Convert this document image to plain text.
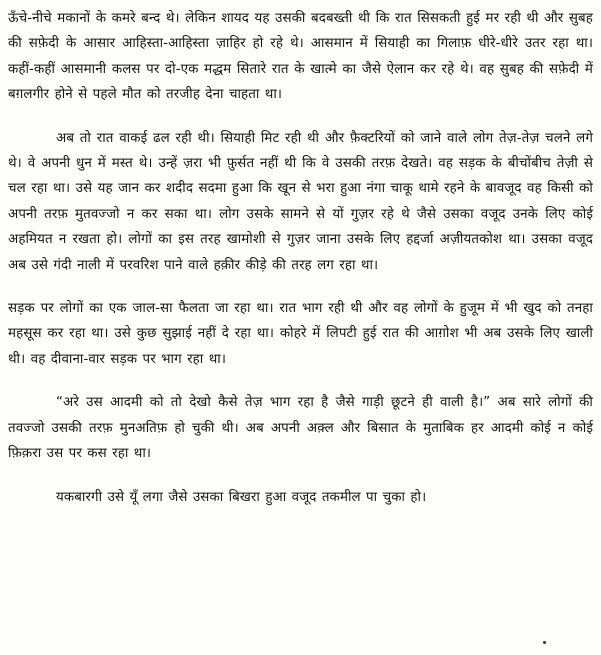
ऊँचे-नीचे मकानों के कमरे बन्द थे। लेकिन शायद यह उसकी बदबख्ती थी कि रात सिसकती हुई मर रही थी और सुबह की सफ़ेदी के आसार आहिस्ता-आहिस्ता ज़ाहिर हो रहे थे। आसमान में सियाही का गिलाफ़ धीरे-धीरे उतर रहा था। कहीं-कहीं आसमानी कलस पर दो-एक मद्धम सितारे रात के खात्मे का जैसे ऐलान कर रहे थे। वह सुबह की सफ़ेदी में बग़लगीर होने से पहले मौत को तरजीह देना चाहता था।

अब तो रात वाकई ढल रही थी। सियाही मिट रही थी और फ़ैक्टरियों को जाने वाले लोग तेज़-तेज़ चलने लगे थे। वे अपनी धुन में मस्त थे। उन्हें ज़रा भी फ़ुर्सत नहीं थी कि वे उसकी तरफ़ देखते। वह सड़क के बीचोंबीच तेज़ी से चल रहा था। उसे यह जान कर शदीद सदमा हुआ कि खून से भरा हुआ नंगा चाकू थामे रहने के बावजूद वह किसी को अपनी तरफ़ मुतवज्जो न कर सका था। लोग उसके सामने से यों गुज़र रहे थे जैसे उसका वजूद उनके लिए कोई अहमियत न रखता हो। लोगों का इस तरह खामोशी से गुज़र जाना उसके लिए हद्दर्जा अज़ीयतकोश था। उसका वजूद अब उसे गंदी नाली में परवरिश पाने वाले हक़ीर कीड़े की तरह लग रहा था।

सड़क पर लोगों का एक जाल-सा फैलता जा रहा था। रात भाग रही थी और वह लोगों के हुजूम में भी खुद को तनहा महसूस कर रहा था। उसे कुछ सुझाई नहीं दे रहा था। कोहरे में लिपटी हुई रात की आग़ोश भी अब उसके लिए खाली थी। वह दीवाना-वार सड़क पर भाग रहा था।

“अरे उस आदमी को तो देखो कैसे तेज़ भाग रहा है जैसे गाड़ी छूटने ही वाली है।” अब सारे लोगों की तवज्जो उसकी तरफ़ मुनअतिफ़ हो चुकी थी। अब अपनी अक़्ल और बिसात के मुताबिक हर आदमी कोई न कोई फ़िक़रा उस पर कस रहा था।

यकबारगी उसे यूँ लगा जैसे उसका बिखरा हुआ वजूद तकमील पा चुका हो।
